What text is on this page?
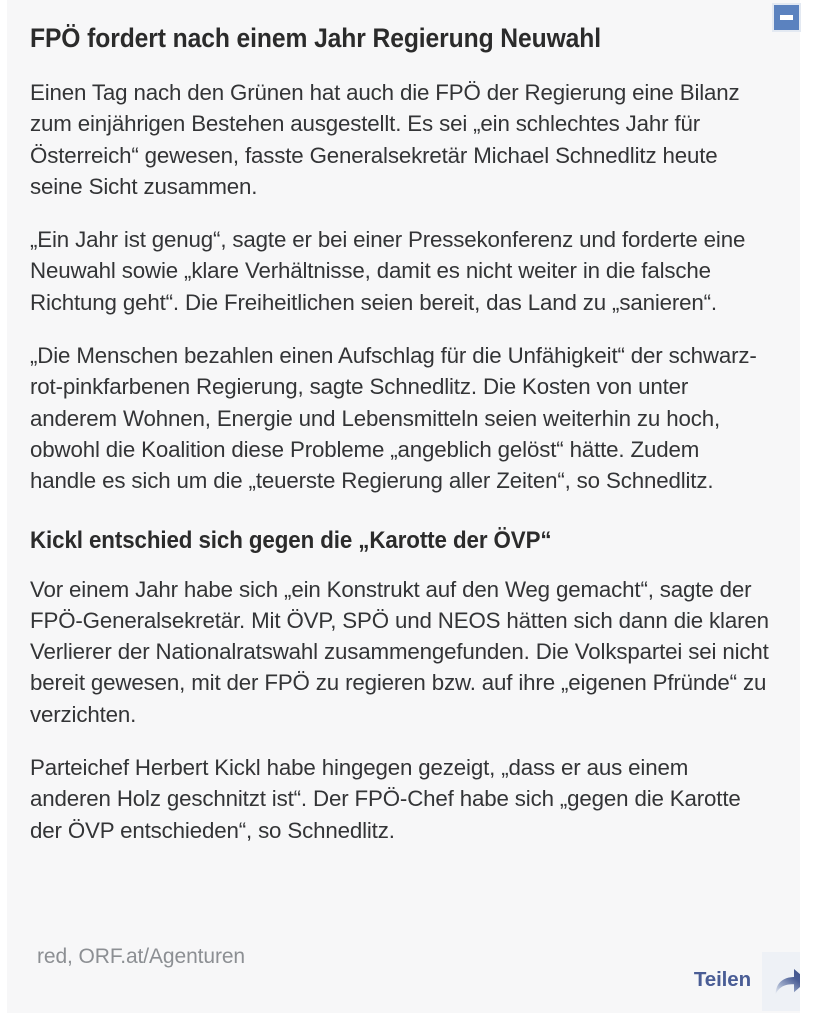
FPÖ fordert nach einem Jahr Regierung Neuwahl

Einen Tag nach den Grünen hat auch die FPÖ der Regierung eine Bilanz zum einjährigen Bestehen ausgestellt. Es sei „ein schlechtes Jahr für Österreich“ gewesen, fasste Generalsekretär Michael Schnedlitz heute seine Sicht zusammen.

„Ein Jahr ist genug“, sagte er bei einer Pressekonferenz und forderte eine Neuwahl sowie „klare Verhältnisse, damit es nicht weiter in die falsche Richtung geht“. Die Freiheitlichen seien bereit, das Land zu „sanieren“.

„Die Menschen bezahlen einen Aufschlag für die Unfähigkeit“ der schwarz-rot-pinkfarbenen Regierung, sagte Schnedlitz. Die Kosten von unter anderem Wohnen, Energie und Lebensmitteln seien weiterhin zu hoch, obwohl die Koalition diese Probleme „angeblich gelöst“ hätte. Zudem handle es sich um die „teuerste Regierung aller Zeiten“, so Schnedlitz.

Kickl entschied sich gegen die „Karotte der ÖVP“

Vor einem Jahr habe sich „ein Konstrukt auf den Weg gemacht“, sagte der FPÖ-Generalsekretär. Mit ÖVP, SPÖ und NEOS hätten sich dann die klaren Verlierer der Nationalratswahl zusammengefunden. Die Volkspartei sei nicht bereit gewesen, mit der FPÖ zu regieren bzw. auf ihre „eigenen Pfründe“ zu verzichten.

Parteichef Herbert Kickl habe hingegen gezeigt, „dass er aus einem anderen Holz geschnitzt ist“. Der FPÖ-Chef habe sich „gegen die Karotte der ÖVP entschieden“, so Schnedlitz.

red, ORF.at/Agenturen
Teilen
